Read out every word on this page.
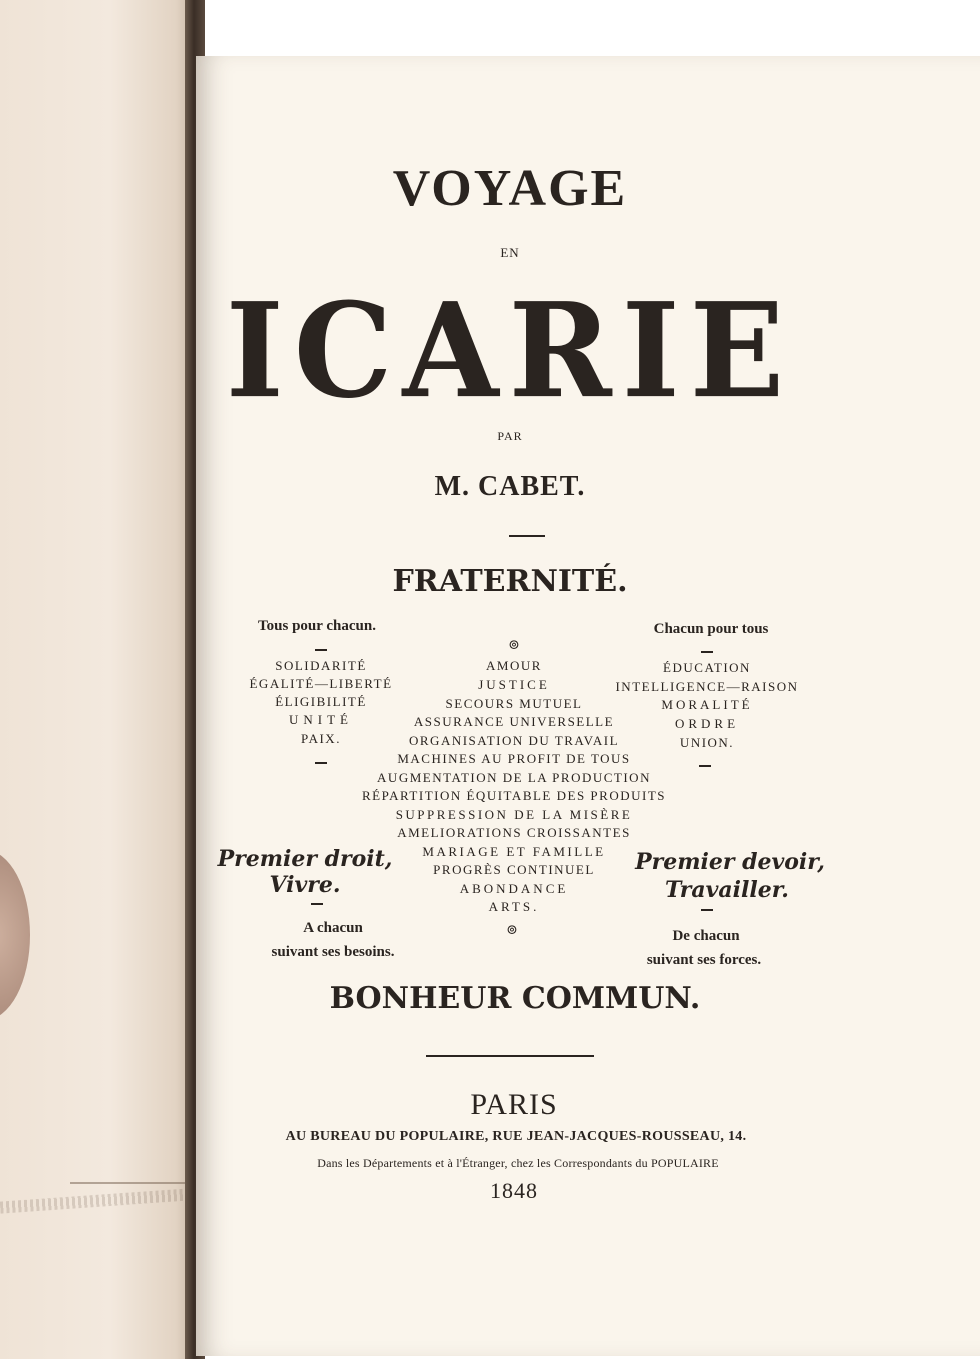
VOYAGE
EN
ICARIE
PAR
M. CABET.
FRATERNITÉ.
Tous pour chacun.
SOLIDARITÉ
ÉGALITÉ—LIBERTÉ
ÉLIGIBILITÉ
UNITÉ
PAIX.
Premier droit,
Vivre.
A chacun
suivant ses besoins.
⊚
AMOUR
JUSTICE
SECOURS MUTUEL
ASSURANCE UNIVERSELLE
ORGANISATION DU TRAVAIL
MACHINES AU PROFIT DE TOUS
AUGMENTATION DE LA PRODUCTION
RÉPARTITION ÉQUITABLE DES PRODUITS
SUPPRESSION DE LA MISÈRE
AMELIORATIONS CROISSANTES
MARIAGE ET FAMILLE
PROGRÈS CONTINUEL
ABONDANCE
ARTS.
⊚
Chacun pour tous
ÉDUCATION
INTELLIGENCE—RAISON
MORALITÉ
ORDRE
UNION.
Premier devoir,
Travailler.
De chacun
suivant ses forces.
BONHEUR COMMUN.
PARIS
AU BUREAU DU POPULAIRE, RUE JEAN-JACQUES-ROUSSEAU, 14.
Dans les Départements et à l'Étranger, chez les Correspondants du POPULAIRE
1848
